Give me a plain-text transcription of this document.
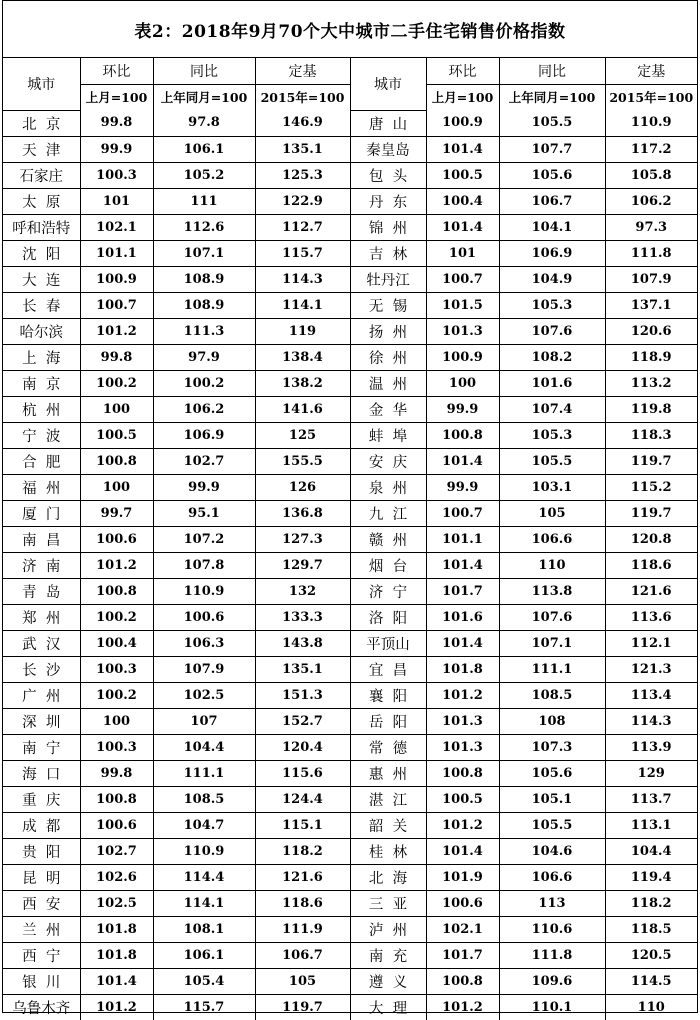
表2：2018年9月70个大中城市二手住宅销售价格指数
城市	环比	同比	定基	城市	环比	同比	定基
	上月=100	上年同月=100	2015年=100		上月=100	上年同月=100	2015年=100
北  京	99.8	97.8	146.9	唐  山	100.9	105.5	110.9
天  津	99.9	106.1	135.1	秦皇岛	101.4	107.7	117.2
石家庄	100.3	105.2	125.3	包  头	100.5	105.6	105.8
太  原	101	111	122.9	丹  东	100.4	106.7	106.2
呼和浩特	102.1	112.6	112.7	锦  州	101.4	104.1	97.3
沈  阳	101.1	107.1	115.7	吉  林	101	106.9	111.8
大  连	100.9	108.9	114.3	牡丹江	100.7	104.9	107.9
长  春	100.7	108.9	114.1	无  锡	101.5	105.3	137.1
哈尔滨	101.2	111.3	119	扬  州	101.3	107.6	120.6
上  海	99.8	97.9	138.4	徐  州	100.9	108.2	118.9
南  京	100.2	100.2	138.2	温  州	100	101.6	113.2
杭  州	100	106.2	141.6	金  华	99.9	107.4	119.8
宁  波	100.5	106.9	125	蚌  埠	100.8	105.3	118.3
合  肥	100.8	102.7	155.5	安  庆	101.4	105.5	119.7
福  州	100	99.9	126	泉  州	99.9	103.1	115.2
厦  门	99.7	95.1	136.8	九  江	100.7	105	119.7
南  昌	100.6	107.2	127.3	赣  州	101.1	106.6	120.8
济  南	101.2	107.8	129.7	烟  台	101.4	110	118.6
青  岛	100.8	110.9	132	济  宁	101.7	113.8	121.6
郑  州	100.2	100.6	133.3	洛  阳	101.6	107.6	113.6
武  汉	100.4	106.3	143.8	平顶山	101.4	107.1	112.1
长  沙	100.3	107.9	135.1	宜  昌	101.8	111.1	121.3
广  州	100.2	102.5	151.3	襄  阳	101.2	108.5	113.4
深  圳	100	107	152.7	岳  阳	101.3	108	114.3
南  宁	100.3	104.4	120.4	常  德	101.3	107.3	113.9
海  口	99.8	111.1	115.6	惠  州	100.8	105.6	129
重  庆	100.8	108.5	124.4	湛  江	100.5	105.1	113.7
成  都	100.6	104.7	115.1	韶  关	101.2	105.5	113.1
贵  阳	102.7	110.9	118.2	桂  林	101.4	104.6	104.4
昆  明	102.6	114.4	121.6	北  海	101.9	106.6	119.4
西  安	102.5	114.1	118.6	三  亚	100.6	113	118.2
兰  州	101.8	108.1	111.9	泸  州	102.1	110.6	118.5
西  宁	101.8	106.1	106.7	南  充	101.7	111.8	120.5
银  川	101.4	105.4	105	遵  义	100.8	109.6	114.5
乌鲁木齐	101.2	115.7	119.7	大  理	101.2	110.1	110
